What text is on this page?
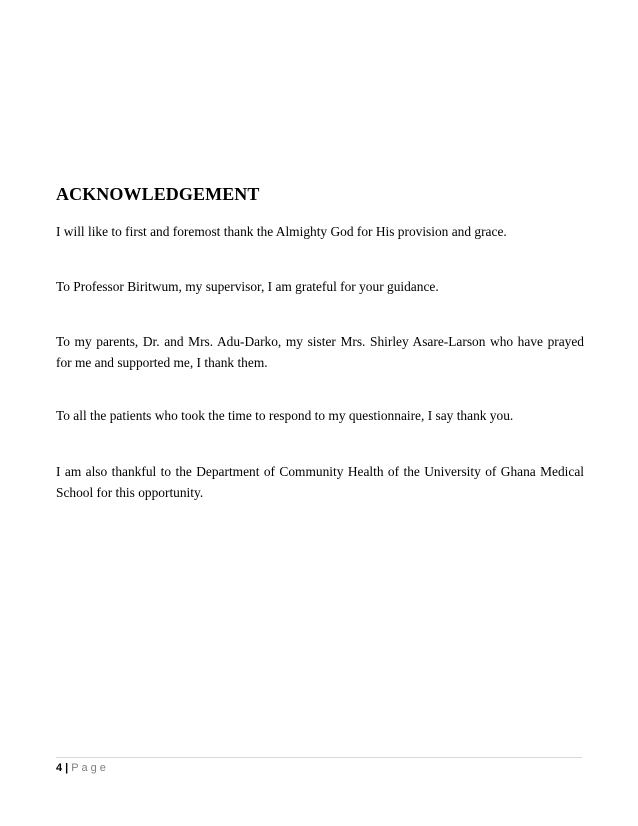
ACKNOWLEDGEMENT

I will like to first and foremost thank the Almighty God for His provision and grace.

To Professor Biritwum, my supervisor, I am grateful for your guidance.

To my parents, Dr. and Mrs. Adu-Darko, my sister Mrs. Shirley Asare-Larson who have prayed for me and supported me, I thank them.

To all the patients who took the time to respond to my questionnaire, I say thank you.

I am also thankful to the Department of Community Health of the University of Ghana Medical School for this opportunity.

4 | Page
